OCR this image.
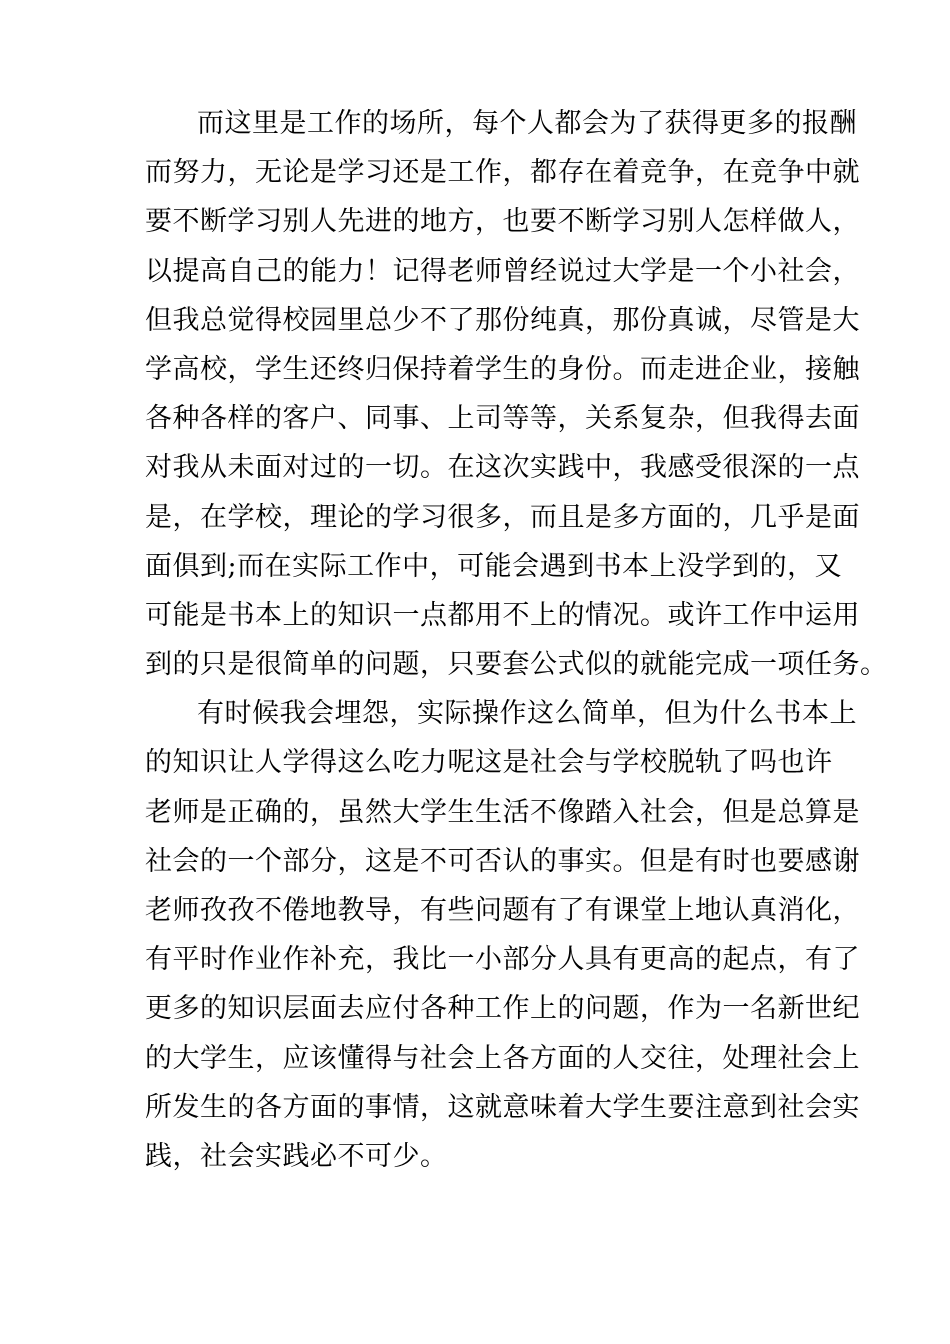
而这里是工作的场所，每个人都会为了获得更多的报酬
而努力，无论是学习还是工作，都存在着竞争，在竞争中就
要不断学习别人先进的地方，也要不断学习别人怎样做人，
以提高自己的能力！记得老师曾经说过大学是一个小社会，
但我总觉得校园里总少不了那份纯真，那份真诚，尽管是大
学高校，学生还终归保持着学生的身份。而走进企业，接触
各种各样的客户、同事、上司等等，关系复杂，但我得去面
对我从未面对过的一切。在这次实践中，我感受很深的一点
是，在学校，理论的学习很多，而且是多方面的，几乎是面
面俱到;而在实际工作中，可能会遇到书本上没学到的，又
可能是书本上的知识一点都用不上的情况。或许工作中运用
到的只是很简单的问题，只要套公式似的就能完成一项任务。
有时候我会埋怨，实际操作这么简单，但为什么书本上
的知识让人学得这么吃力呢这是社会与学校脱轨了吗也许
老师是正确的，虽然大学生生活不像踏入社会，但是总算是
社会的一个部分，这是不可否认的事实。但是有时也要感谢
老师孜孜不倦地教导，有些问题有了有课堂上地认真消化，
有平时作业作补充，我比一小部分人具有更高的起点，有了
更多的知识层面去应付各种工作上的问题，作为一名新世纪
的大学生，应该懂得与社会上各方面的人交往，处理社会上
所发生的各方面的事情，这就意味着大学生要注意到社会实
践，社会实践必不可少。
